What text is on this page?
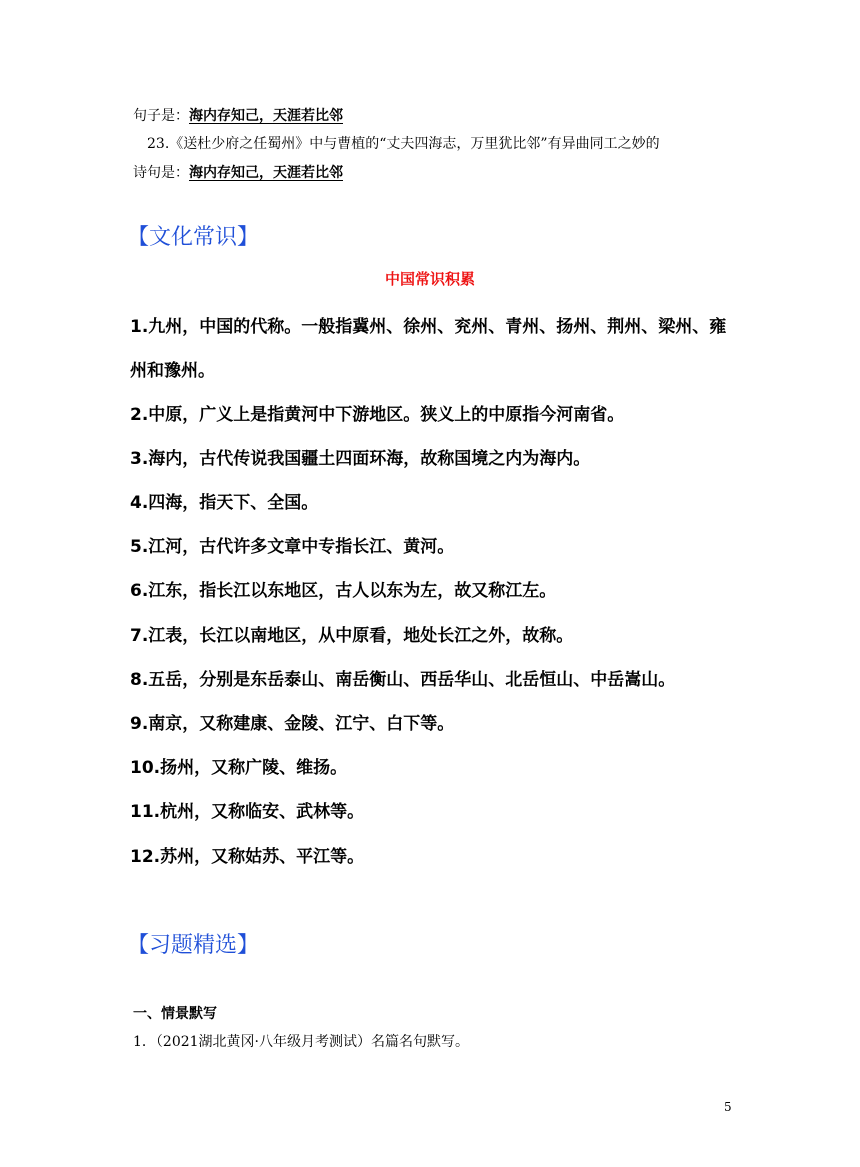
句子是：海内存知己，天涯若比邻
23.《送杜少府之任蜀州》中与曹植的“丈夫四海志，万里犹比邻”有异曲同工之妙的
诗句是：海内存知己，天涯若比邻
【文化常识】
中国常识积累
1.九州，中国的代称。一般指冀州、徐州、兖州、青州、扬州、荆州、梁州、雍
州和豫州。
2.中原，广义上是指黄河中下游地区。狭义上的中原指今河南省。
3.海内，古代传说我国疆土四面环海，故称国境之内为海内。
4.四海，指天下、全国。
5.江河，古代许多文章中专指长江、黄河。
6.江东，指长江以东地区，古人以东为左，故又称江左。
7.江表，长江以南地区，从中原看，地处长江之外，故称。
8.五岳，分别是东岳泰山、南岳衡山、西岳华山、北岳恒山、中岳嵩山。
9.南京，又称建康、金陵、江宁、白下等。
10.扬州，又称广陵、维扬。
11.杭州，又称临安、武林等。
12.苏州，又称姑苏、平江等。
【习题精选】
一、情景默写
1．（2021湖北黄冈·八年级月考测试）名篇名句默写。
5
